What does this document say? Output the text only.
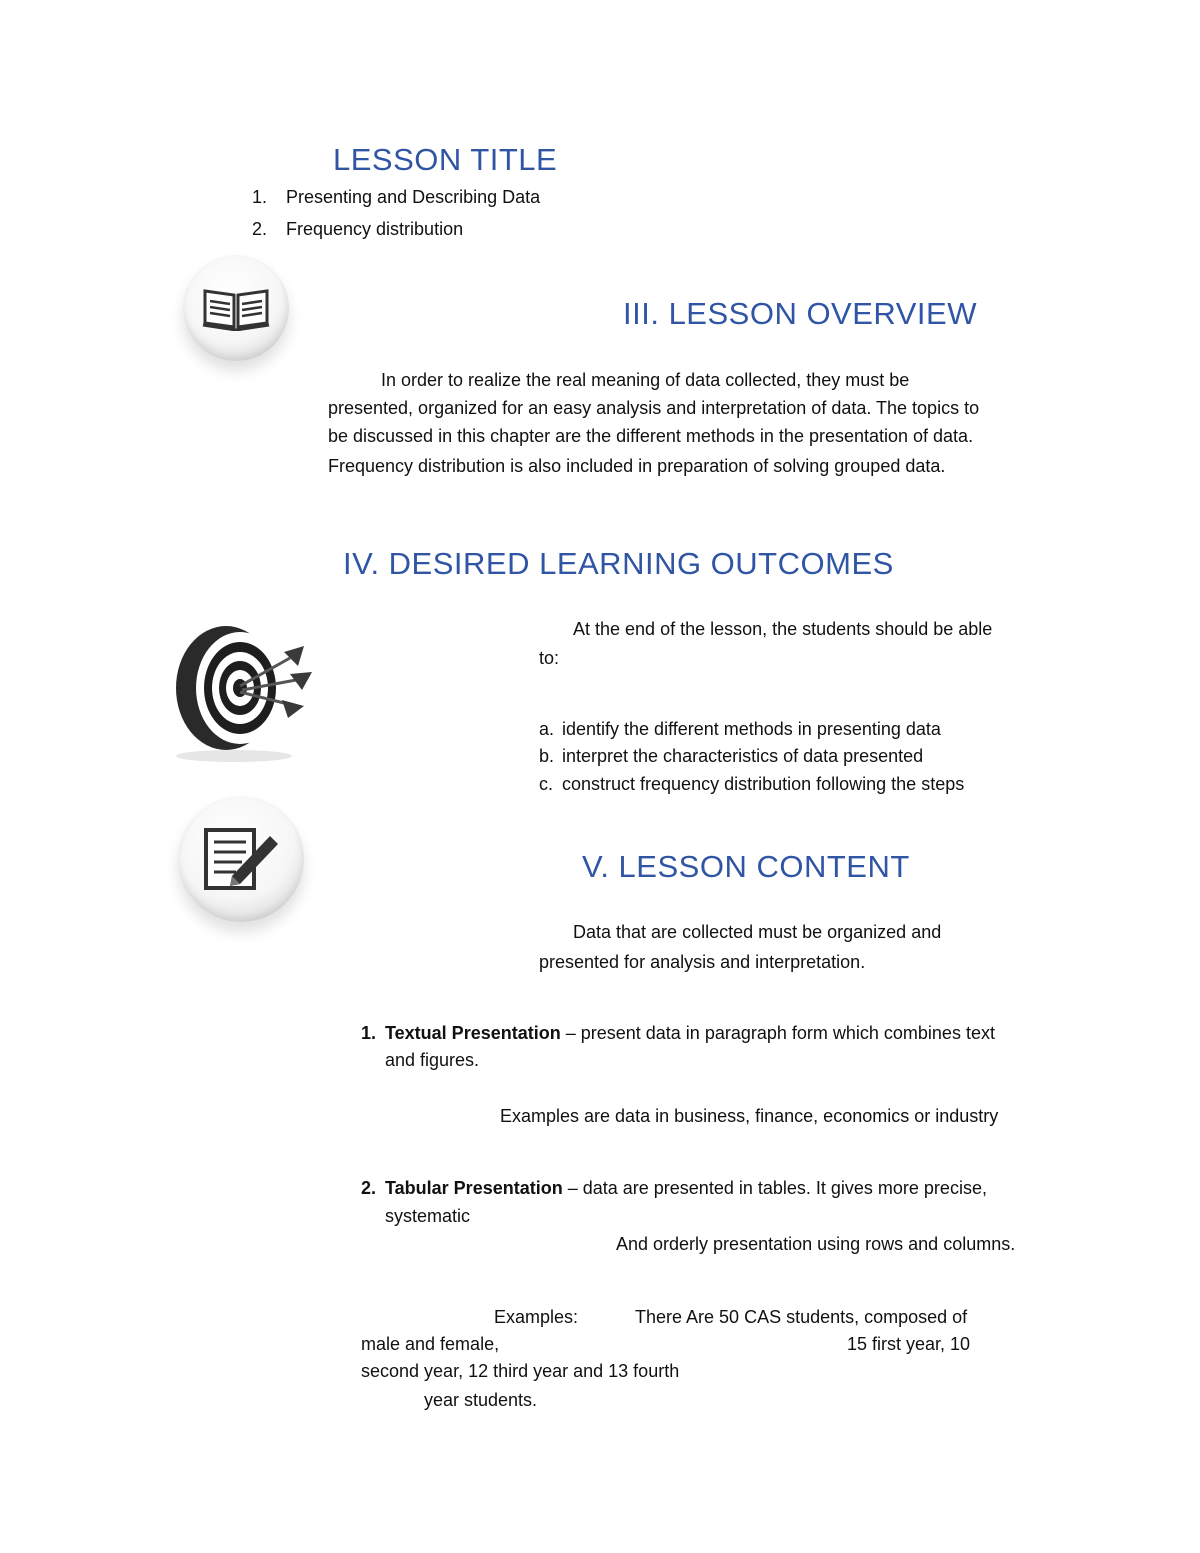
LESSON TITLE
1. Presenting and Describing Data
2. Frequency distribution
III. LESSON OVERVIEW
In order to realize the real meaning of data collected, they must be
presented, organized for an easy analysis and interpretation of data. The topics to
be discussed in this chapter are the different methods in the presentation of data.
Frequency distribution is also included in preparation of solving grouped data.
IV. DESIRED LEARNING OUTCOMES
At the end of the lesson, the students should be able
to:
a. identify the different methods in presenting data
b. interpret the characteristics of data presented
c. construct frequency distribution following the steps
V. LESSON CONTENT
Data that are collected must be organized and
presented for analysis and interpretation.
1. Textual Presentation – present data in paragraph form which combines text
and figures.
Examples are data in business, finance, economics or industry
2. Tabular Presentation – data are presented in tables. It gives more precise,
systematic
And orderly presentation using rows and columns.
Examples:	There Are 50 CAS students, composed of
male and female,	15 first year, 10
second year, 12 third year and 13 fourth
year students.
